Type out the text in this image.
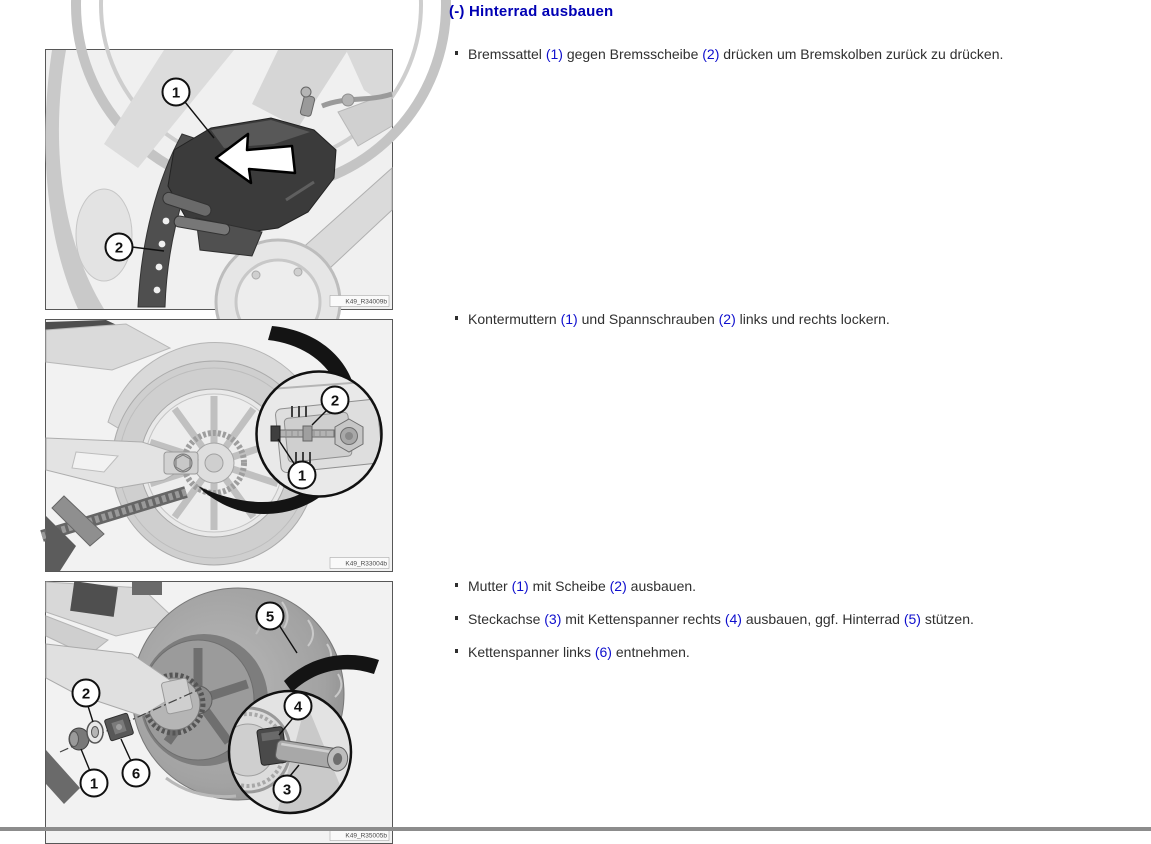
1
2
K49_R34009b
2
1
K49_R33004b
5
2
1
6
4
3
K49_R35005b
(-) Hinterrad ausbauen

Bremssattel (1) gegen Bremsscheibe (2) drücken um Bremskolben zurück zu drücken.

Kontermuttern (1) und Spannschrauben (2) links und rechts lockern.

Mutter (1) mit Scheibe (2) ausbauen.

Steckachse (3) mit Kettenspanner rechts (4) ausbauen, ggf. Hinterrad (5) stützen.

Kettenspanner links (6) entnehmen.
